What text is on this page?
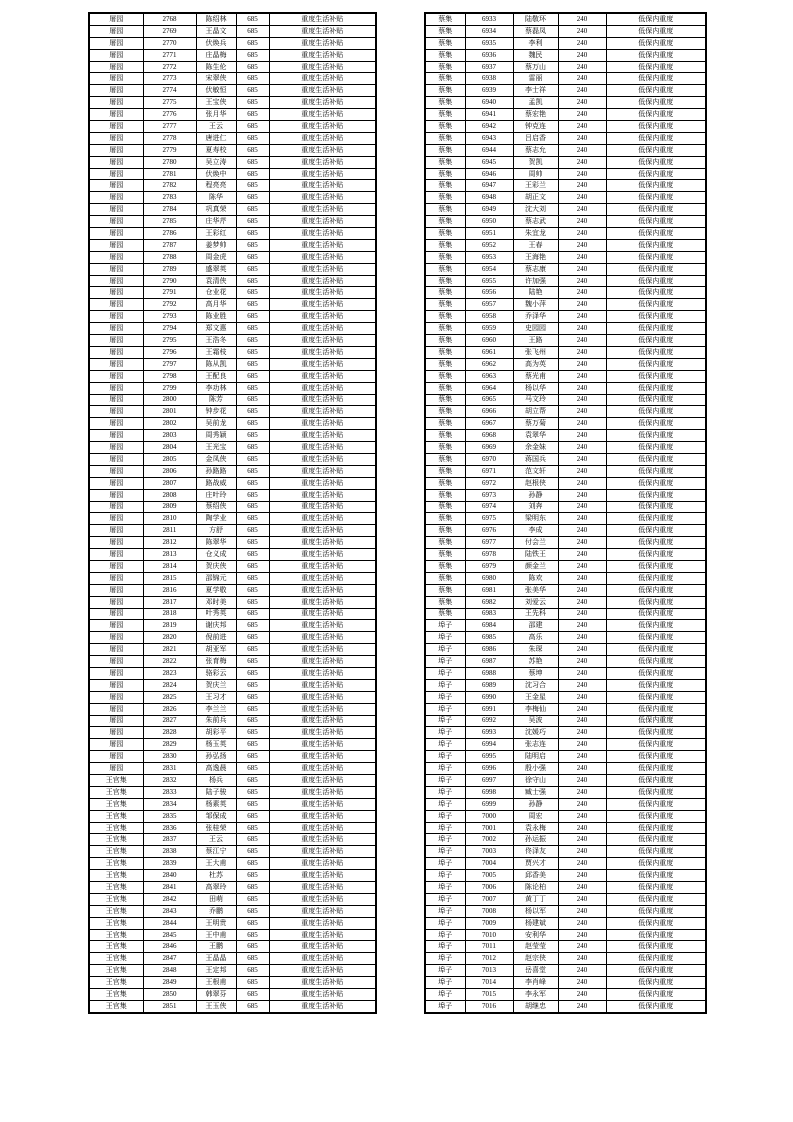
屠园	2768	陈绍林	685	重度生活补贴
屠园	2769	王晶文	685	重度生活补贴
屠园	2770	伏焕兵	685	重度生活补贴
屠园	2771	庄晶梅	685	重度生活补贴
屠园	2772	陈生伦	685	重度生活补贴
屠园	2773	宋翠侠	685	重度生活补贴
屠园	2774	伏敏恒	685	重度生活补贴
屠园	2775	王宝侠	685	重度生活补贴
屠园	2776	张月华	685	重度生活补贴
屠园	2777	王云	685	重度生活补贴
屠园	2778	唐进仁	685	重度生活补贴
屠园	2779	夏寿校	685	重度生活补贴
屠园	2780	吴立涛	685	重度生活补贴
屠园	2781	伏焕中	685	重度生活补贴
屠园	2782	程亮亮	685	重度生活补贴
屠园	2783	陈华	685	重度生活补贴
屠园	2784	巩真荣	685	重度生活补贴
屠园	2785	庄华芹	685	重度生活补贴
屠园	2786	王彩红	685	重度生活补贴
屠园	2787	姜梦帅	685	重度生活补贴
屠园	2788	周金虎	685	重度生活补贴
屠园	2789	盛翠英	685	重度生活补贴
屠园	2790	袁清侠	685	重度生活补贴
屠园	2791	仓业花	685	重度生活补贴
屠园	2792	高月华	685	重度生活补贴
屠园	2793	陈业胜	685	重度生活补贴
屠园	2794	郑文惠	685	重度生活补贴
屠园	2795	王浩冬	685	重度生活补贴
屠园	2796	王霜枝	685	重度生活补贴
屠园	2797	陈从凯	685	重度生活补贴
屠园	2798	王配良	685	重度生活补贴
屠园	2799	李功林	685	重度生活补贴
屠园	2800	陈芳	685	重度生活补贴
屠园	2801	钟步花	685	重度生活补贴
屠园	2802	吴前龙	685	重度生活补贴
屠园	2803	周秀颖	685	重度生活补贴
屠园	2804	王光宝	685	重度生活补贴
屠园	2805	金凤侠	685	重度生活补贴
屠园	2806	孙路路	685	重度生活补贴
屠园	2807	路战威	685	重度生活补贴
屠园	2808	庄叶玲	685	重度生活补贴
屠园	2809	蔡绍侠	685	重度生活补贴
屠园	2810	陶学业	685	重度生活补贴
屠园	2811	方舒	685	重度生活补贴
屠园	2812	陈翠华	685	重度生活补贴
屠园	2813	仓义成	685	重度生活补贴
屠园	2814	贺庆侠	685	重度生活补贴
屠园	2815	邵锦元	685	重度生活补贴
屠园	2816	夏学敬	685	重度生活补贴
屠园	2817	邓时美	685	重度生活补贴
屠园	2818	叶秀英	685	重度生活补贴
屠园	2819	谢庆邦	685	重度生活补贴
屠园	2820	倪前进	685	重度生活补贴
屠园	2821	胡亚军	685	重度生活补贴
屠园	2822	张育梅	685	重度生活补贴
屠园	2823	骆彩云	685	重度生活补贴
屠园	2824	贺庆兰	685	重度生活补贴
屠园	2825	王习才	685	重度生活补贴
屠园	2826	李兰兰	685	重度生活补贴
屠园	2827	朱前兵	685	重度生活补贴
屠园	2828	胡彩平	685	重度生活补贴
屠园	2829	杨玉英	685	重度生活补贴
屠园	2830	孙弘扬	685	重度生活补贴
屠园	2831	高逸晨	685	重度生活补贴
王官集	2832	杨兵	685	重度生活补贴
王官集	2833	陆子骏	685	重度生活补贴
王官集	2834	杨素英	685	重度生活补贴
王官集	2835	邹保成	685	重度生活补贴
王官集	2836	张桂荣	685	重度生活补贴
王官集	2837	王云	685	重度生活补贴
王官集	2838	蔡江宁	685	重度生活补贴
王官集	2839	王大甫	685	重度生活补贴
王官集	2840	杜苏	685	重度生活补贴
王官集	2841	高翠玲	685	重度生活补贴
王官集	2842	田萌	685	重度生活补贴
王官集	2843	乔鹏	685	重度生活补贴
王官集	2844	王明贵	685	重度生活补贴
王官集	2845	王中甫	685	重度生活补贴
王官集	2846	王鹏	685	重度生活补贴
王官集	2847	王晶晶	685	重度生活补贴
王官集	2848	王定邦	685	重度生活补贴
王官集	2849	王根甫	685	重度生活补贴
王官集	2850	韩翠芬	685	重度生活补贴
王官集	2851	王玉侠	685	重度生活补贴
蔡集	6933	陆敬环	240	低保内重度
蔡集	6934	蔡磊凤	240	低保内重度
蔡集	6935	李利	240	低保内重度
蔡集	6936	魏民	240	低保内重度
蔡集	6937	蔡万山	240	低保内重度
蔡集	6938	雷丽	240	低保内重度
蔡集	6939	李士祥	240	低保内重度
蔡集	6940	孟凯	240	低保内重度
蔡集	6941	蔡宏艳	240	低保内重度
蔡集	6942	钟克连	240	低保内重度
蔡集	6943	吕启香	240	低保内重度
蔡集	6944	蔡志允	240	低保内重度
蔡集	6945	贺凯	240	低保内重度
蔡集	6946	周帅	240	低保内重度
蔡集	6947	王彩兰	240	低保内重度
蔡集	6948	胡正文	240	低保内重度
蔡集	6949	沈大刘	240	低保内重度
蔡集	6950	蔡志武	240	低保内重度
蔡集	6951	朱宜龙	240	低保内重度
蔡集	6952	王春	240	低保内重度
蔡集	6953	王海艳	240	低保内重度
蔡集	6954	蔡志康	240	低保内重度
蔡集	6955	许加强	240	低保内重度
蔡集	6956	陆艳	240	低保内重度
蔡集	6957	魏小萍	240	低保内重度
蔡集	6958	乔泽华	240	低保内重度
蔡集	6959	史园园	240	低保内重度
蔡集	6960	王路	240	低保内重度
蔡集	6961	张飞州	240	低保内重度
蔡集	6962	高为英	240	低保内重度
蔡集	6963	蔡光甫	240	低保内重度
蔡集	6964	杨以华	240	低保内重度
蔡集	6965	马文玲	240	低保内重度
蔡集	6966	胡立帮	240	低保内重度
蔡集	6967	蔡万菊	240	低保内重度
蔡集	6968	袁翠华	240	低保内重度
蔡集	6969	余金妹	240	低保内重度
蔡集	6970	蒋国兵	240	低保内重度
蔡集	6971	范文轩	240	低保内重度
蔡集	6972	赵根侠	240	低保内重度
蔡集	6973	孙静	240	低保内重度
蔡集	6974	刘奔	240	低保内重度
蔡集	6975	梁明东	240	低保内重度
蔡集	6976	李成	240	低保内重度
蔡集	6977	付会兰	240	低保内重度
蔡集	6978	陆铁王	240	低保内重度
蔡集	6979	颜金兰	240	低保内重度
蔡集	6980	陈欢	240	低保内重度
蔡集	6981	张美华	240	低保内重度
蔡集	6982	刘爱云	240	低保内重度
蔡集	6983	王先科	240	低保内重度
埠子	6984	邵建	240	低保内重度
埠子	6985	高乐	240	低保内重度
埠子	6986	朱琛	240	低保内重度
埠子	6987	苏艳	240	低保内重度
埠子	6988	蔡坤	240	低保内重度
埠子	6989	沈习合	240	低保内重度
埠子	6990	王金星	240	低保内重度
埠子	6991	李梅仙	240	低保内重度
埠子	6992	吴波	240	低保内重度
埠子	6993	沈媛巧	240	低保内重度
埠子	6994	张志连	240	低保内重度
埠子	6995	陆明启	240	低保内重度
埠子	6996	殷小强	240	低保内重度
埠子	6997	徐守山	240	低保内重度
埠子	6998	臧士强	240	低保内重度
埠子	6999	孙静	240	低保内重度
埠子	7000	周宏	240	低保内重度
埠子	7001	袁永梅	240	低保内重度
埠子	7002	孙运振	240	低保内重度
埠子	7003	佟泽友	240	低保内重度
埠子	7004	贾兴才	240	低保内重度
埠子	7005	邱香美	240	低保内重度
埠子	7006	陈论柏	240	低保内重度
埠子	7007	黄丁丁	240	低保内重度
埠子	7008	杨以军	240	低保内重度
埠子	7009	杨建斌	240	低保内重度
埠子	7010	安利华	240	低保内重度
埠子	7011	赵莹莹	240	低保内重度
埠子	7012	赵宗侠	240	低保内重度
埠子	7013	岳喜堂	240	低保内重度
埠子	7014	李肖峰	240	低保内重度
埠子	7015	李永军	240	低保内重度
埠子	7016	胡继忠	240	低保内重度
